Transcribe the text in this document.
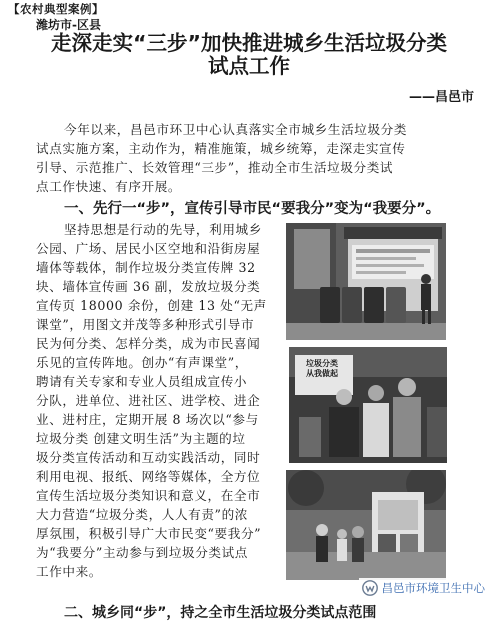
【农村典型案例】
潍坊市-区县
走深走实“三步”加快推进城乡生活垃圾分类
试点工作
——昌邑市
今年以来，昌邑市环卫中心认真落实全市城乡生活垃圾分类
试点实施方案，主动作为，精准施策，城乡统筹，走深走实宣传
引导、示范推广、长效管理“三步”，推动全市生活垃圾分类试
点工作快速、有序开展。
一、先行一“步”，宣传引导市民“要我分”变为“我要分”。
坚持思想是行动的先导，利用城乡
公园、广场、居民小区空地和沿街房屋
墙体等载体，制作垃圾分类宣传牌 32
块、墙体宣传画 36 副，发放垃圾分类
宣传页 18000 余份，创建 13 处“无声
课堂”，用图文并茂等多种形式引导市
民为何分类、怎样分类，成为市民喜闻
乐见的宣传阵地。创办“有声课堂”，
聘请有关专家和专业人员组成宣传小
分队，进单位、进社区、进学校、进企
业、进村庄，定期开展 8 场次以“参与
垃圾分类 创建文明生活”为主题的垃
圾分类宣传活动和互动实践活动，同时
利用电视、报纸、网络等媒体，全方位
宣传生活垃圾分类知识和意义，在全市
大力营造“垃圾分类，人人有责”的浓
厚氛围，积极引导广大市民变“要我分”
为“我要分”主动参与到垃圾分类试点
工作中来。
垃圾分类
从我做起
二、城乡同“步”，持之全市生活垃圾分类试点范围
昌邑市环境卫生中心
